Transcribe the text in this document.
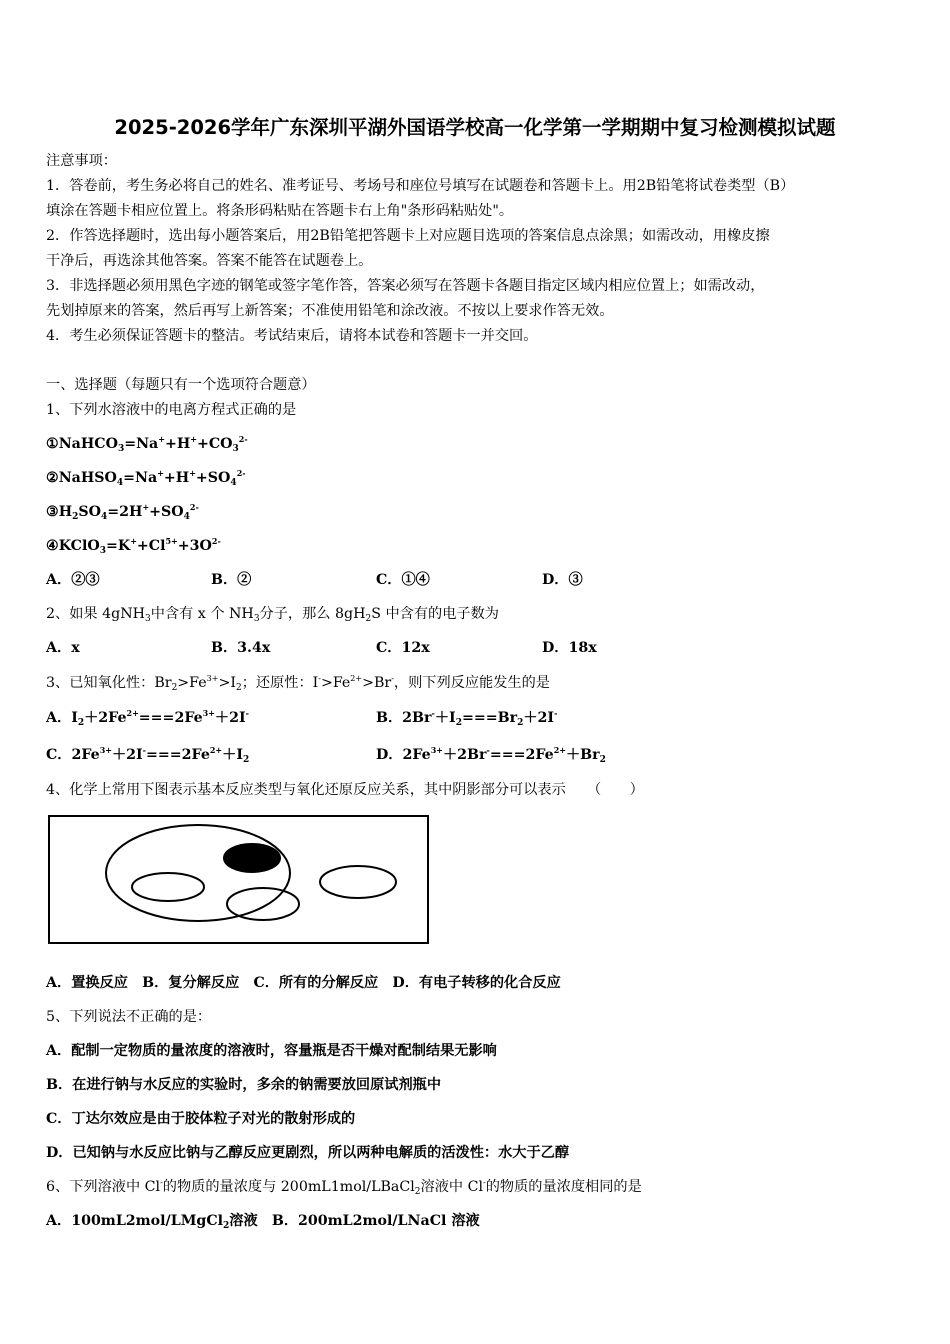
2025-2026学年广东深圳平湖外国语学校高一化学第一学期期中复习检测模拟试题
注意事项：
1．答卷前，考生务必将自己的姓名、准考证号、考场号和座位号填写在试题卷和答题卡上。用2B铅笔将试卷类型（B）
填涂在答题卡相应位置上。将条形码粘贴在答题卡右上角"条形码粘贴处"。
2．作答选择题时，选出每小题答案后，用2B铅笔把答题卡上对应题目选项的答案信息点涂黑；如需改动，用橡皮擦
干净后，再选涂其他答案。答案不能答在试题卷上。
3．非选择题必须用黑色字迹的钢笔或签字笔作答，答案必须写在答题卡各题目指定区域内相应位置上；如需改动，
先划掉原来的答案，然后再写上新答案；不准使用铅笔和涂改液。不按以上要求作答无效。
4．考生必须保证答题卡的整洁。考试结束后，请将本试卷和答题卡一并交回。
一、选择题（每题只有一个选项符合题意）
1、下列水溶液中的电离方程式正确的是
$①NaHCO_3=Na^++H^++CO_3^{2-}$
$②NaHSO_4=Na^++H^++SO_4^{2-}$
$③H_2SO_4=2H^++SO_4^{2-}$
$④KClO_3=K^++Cl^{5+}+3O^{2-}$
A．②③	B．②	C．①④	D．③
2、如果 4gNH$_3$中含有 x 个 $NH_3$分子，那么 $8gH_2S$ 中含有的电子数为
A．x	B．3.4x	C．12x	D．18x
3、已知氧化性：$Br_2>Fe^{3+}>I_2$；还原性：$I^->Fe^{2+}>Br^-$，则下列反应能发生的是
A．$I_2+2Fe^{2+}===2Fe^{3+}+2I^-$	B．$2Br^-+I_2===Br_2+2I^-$
C．$2Fe^{3+}+2I^-===2Fe^{2+}+I_2$	D．$2Fe^{3+}+2Br^-===2Fe^{2+}+Br_2$
4、化学上常用下图表示基本反应类型与氧化还原反应关系，其中阴影部分可以表示　　（　　）
A．置换反应　B．复分解反应　C．所有的分解反应　D．有电子转移的化合反应
5、下列说法不正确的是：
A．配制一定物质的量浓度的溶液时，容量瓶是否干燥对配制结果无影响
B．在进行钠与水反应的实验时，多余的钠需要放回原试剂瓶中
C．丁达尔效应是由于胶体粒子对光的散射形成的
D．已知钠与水反应比钠与乙醇反应更剧烈，所以两种电解质的活泼性：水大于乙醇
6、下列溶液中 Cl-的物质的量浓度与 200mL1mol/LBaCl$_2$溶液中 Cl-的物质的量浓度相同的是
A．100mL2mol/LMgCl$_2$溶液　 B．200mL2mol/LNaCl 溶液
